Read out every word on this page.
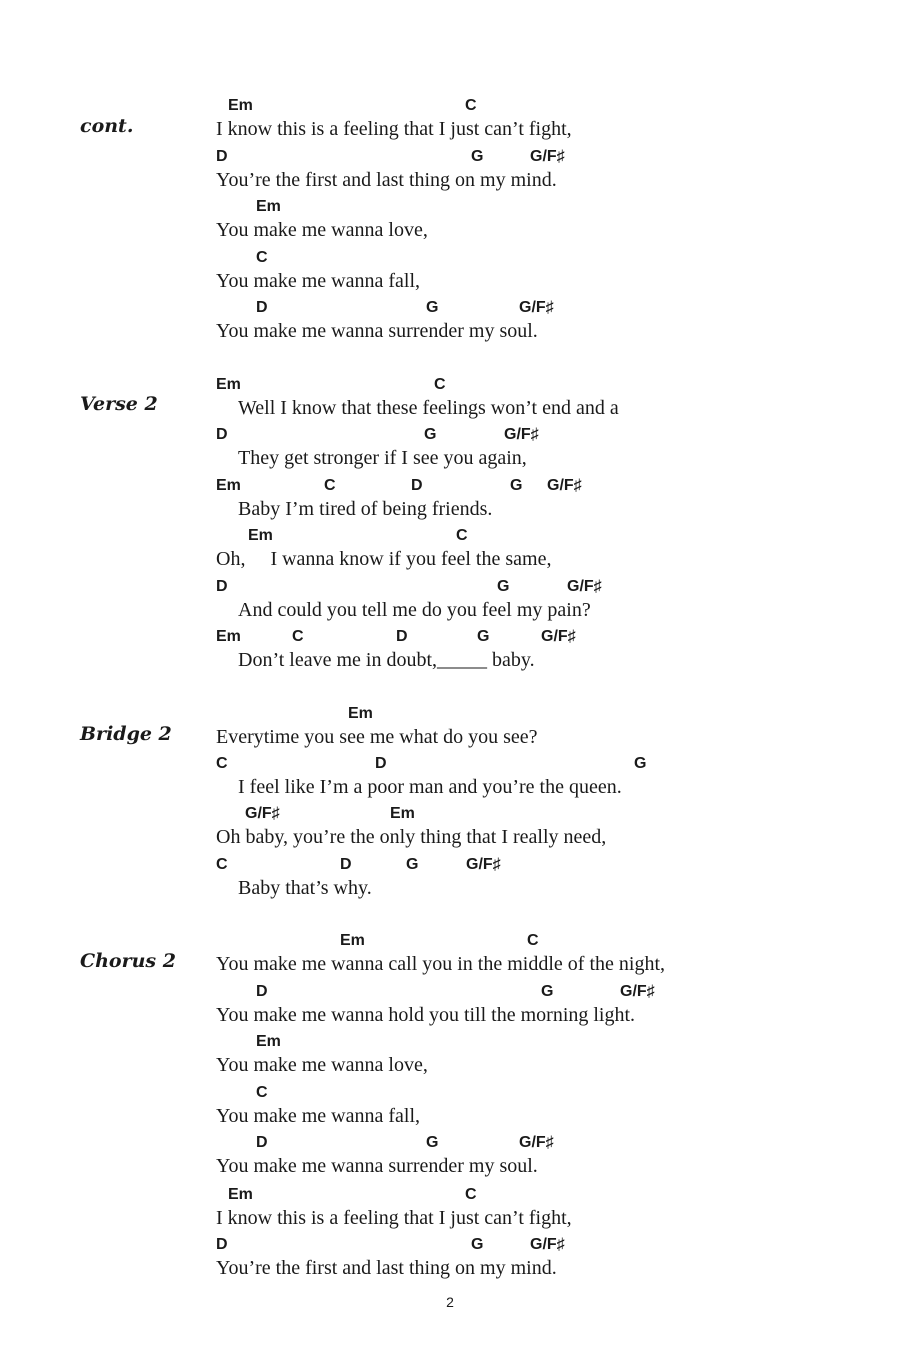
cont.
Em	C
I know this is a feeling that I just can’t fight,
D	G	G/F♯
You’re the first and last thing on my mind.
Em
You make me wanna love,
C
You make me wanna fall,
D	G	G/F♯
You make me wanna surrender my soul.
Verse 2
Em	C
Well I know that these feelings won’t end and a
D	G	G/F♯
They get stronger if I see you again,
Em	C	D	G G/F♯
Baby I’m tired of being friends.
Em	C
Oh,     I wanna know if you feel the same,
D	G	G/F♯
And could you tell me do you feel my pain?
Em	C	D	G	G/F♯
Don’t leave me in doubt,_____ baby.
Bridge 2
Em
Everytime you see me what do you see?
C	D	G
I feel like I’m a poor man and you’re the queen.
G/F♯	Em
Oh baby, you’re the only thing that I really need,
C	D	G	G/F♯
Baby that’s why.
Chorus 2
Em	C
You make me wanna call you in the middle of the night,
D	G	G/F♯
You make me wanna hold you till the morning light.
Em
You make me wanna love,
C
You make me wanna fall,
D	G	G/F♯
You make me wanna surrender my soul.
Em	C
I know this is a feeling that I just can’t fight,
D	G	G/F♯
You’re the first and last thing on my mind.
2
